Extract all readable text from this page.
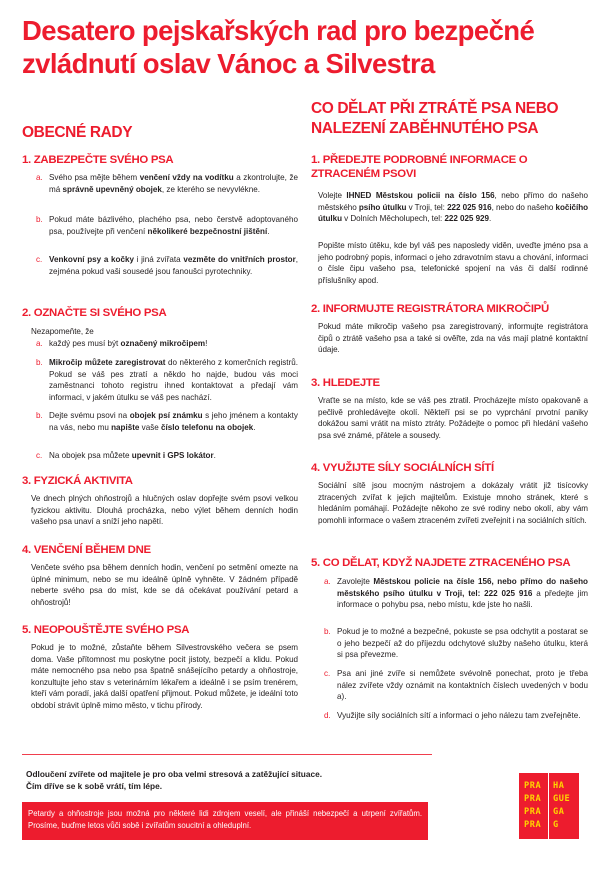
Desatero pejskařských rad pro bezpečné zvládnutí oslav Vánoc a Silvestra
OBECNÉ RADY
1. ZABEZPEČTE SVÉHO PSA
a. Svého psa mějte během venčení vždy na vodítku a zkontrolujte, že má správně upevněný obojek, ze kterého se nevyvlékne.
b. Pokud máte bázlivého, plachého psa, nebo čerstvě adoptovaného psa, používejte při venčení několikeré bezpečnostní jištění.
c. Venkovní psy a kočky i jiná zvířata vezměte do vnitřních prostor, zejména pokud vaši sousedé jsou fanoušci pyrotechniky.
2. OZNAČTE SI SVÉHO PSA
Nezapomeňte, že
a. každý pes musí být označený mikročipem!
b. Mikročip můžete zaregistrovat do některého z komerčních registrů. Pokud se váš pes ztratí a někdo ho najde, budou vás moci zaměstnanci tohoto registru ihned kontaktovat a předají vám informaci, v jakém útulku se váš pes nachází.
b. Dejte svému psovi na obojek psí známku s jeho jménem a kontakty na vás, nebo mu napište vaše číslo telefonu na obojek.
c. Na obojek psa můžete upevnit i GPS lokátor.
3. FYZICKÁ AKTIVITA
Ve dnech plných ohňostrojů a hlučných oslav dopřejte svém psovi velkou fyzickou aktivitu. Dlouhá procházka, nebo výlet během denních hodin vašeho psa unaví a sníží jeho napětí.
4. VENČENÍ BĚHEM DNE
Venčete svého psa během denních hodin, venčení po setmění omezte na úplné minimum, nebo se mu ideálně úplně vyhněte. V žádném případě neberte svého psa do míst, kde se dá očekávat používání petard a ohňostrojů!
5. NEOPOUŠTĚJTE SVÉHO PSA
Pokud je to možné, zůstaňte během Silvestrovského večera se psem doma. Vaše přítomnost mu poskytne pocit jistoty, bezpečí a klidu. Pokud máte nemocného psa nebo psa špatně snášejícího petardy a ohňostroje, konzultujte jeho stav s veterinárním lékařem a ideálně i se psím trenérem, kteří vám poradí, jaká další opatření přijmout. Pokud můžete, je ideální toto období strávit úplně mimo město, v tichu přírody.
CO DĚLAT PŘI ZTRÁTĚ PSA NEBO NALEZENÍ ZABĚHNUTÉHO PSA
1. PŘEDEJTE PODROBNÉ INFORMACE O ZTRACENÉM PSOVI
Volejte IHNED Městskou policii na číslo 156, nebo přímo do našeho městského psího útulku v Troji, tel: 222 025 916, nebo do našeho kočičího útulku v Dolních Měcholupech, tel: 222 025 929.
Popište místo útěku, kde byl váš pes naposledy viděn, uveďte jméno psa a jeho podrobný popis, informaci o jeho zdravotním stavu a chování, informaci o čísle čipu vašeho psa, telefonické spojení na vás či další rodinné příslušníky apod.
2. INFORMUJTE REGISTRÁTORA MIKROČIPŮ
Pokud máte mikročip vašeho psa zaregistrovaný, informujte registrátora čipů o ztrátě vašeho psa a také si ověřte, zda na vás mají platné kontaktní údaje.
3. HLEDEJTE
Vraťte se na místo, kde se váš pes ztratil. Procházejte místo opakovaně a pečlivě prohledávejte okolí. Někteří psi se po vyprchání prvotní paniky dokážou sami vrátit na místo ztráty. Požádejte o pomoc při hledání vašeho psa své známé, přátele a sousedy.
4. VYUŽIJTE SÍLY SOCIÁLNÍCH SÍTÍ
Sociální sítě jsou mocným nástrojem a dokázaly vrátit již tisícovky ztracených zvířat k jejich majitelům. Existuje mnoho stránek, které s hledáním pomáhají. Požádejte někoho ze své rodiny nebo okolí, aby vám pomohli informace o vašem ztraceném zvířeti zveřejnit i na sociálních sítích.
5. CO DĚLAT, KDYŽ NAJDETE ZTRACENÉHO PSA
a. Zavolejte Městskou policie na čísle 156, nebo přímo do našeho městského psího útulku v Troji, tel: 222 025 916 a předejte jim informace o pohybu psa, nebo místu, kde jste ho našli.
b. Pokud je to možné a bezpečné, pokuste se psa odchytit a postarat se o jeho bezpečí až do příjezdu odchytové služby našeho útulku, která si psa převezme.
c. Psa ani jiné zvíře si nemůžete svévolně ponechat, proto je třeba nález zvířete vždy oznámit na kontaktních číslech uvedených v bodu a).
d. Využijte síly sociálních sítí a informaci o jeho nálezu tam zveřejněte.
Odloučení zvířete od majitele je pro oba velmi stresová a zatěžující situace.
Čím dříve se k sobě vrátí, tím lépe.
Petardy a ohňostroje jsou možná pro některé lidi zdrojem veselí, ale přináší nebezpečí a utrpení zvířatům. Prosíme, buďme letos vůči sobě i zvířatům soucitní a ohleduplní.
PRA
PRA
PRA
PRA
HA
GUE
GA
G
